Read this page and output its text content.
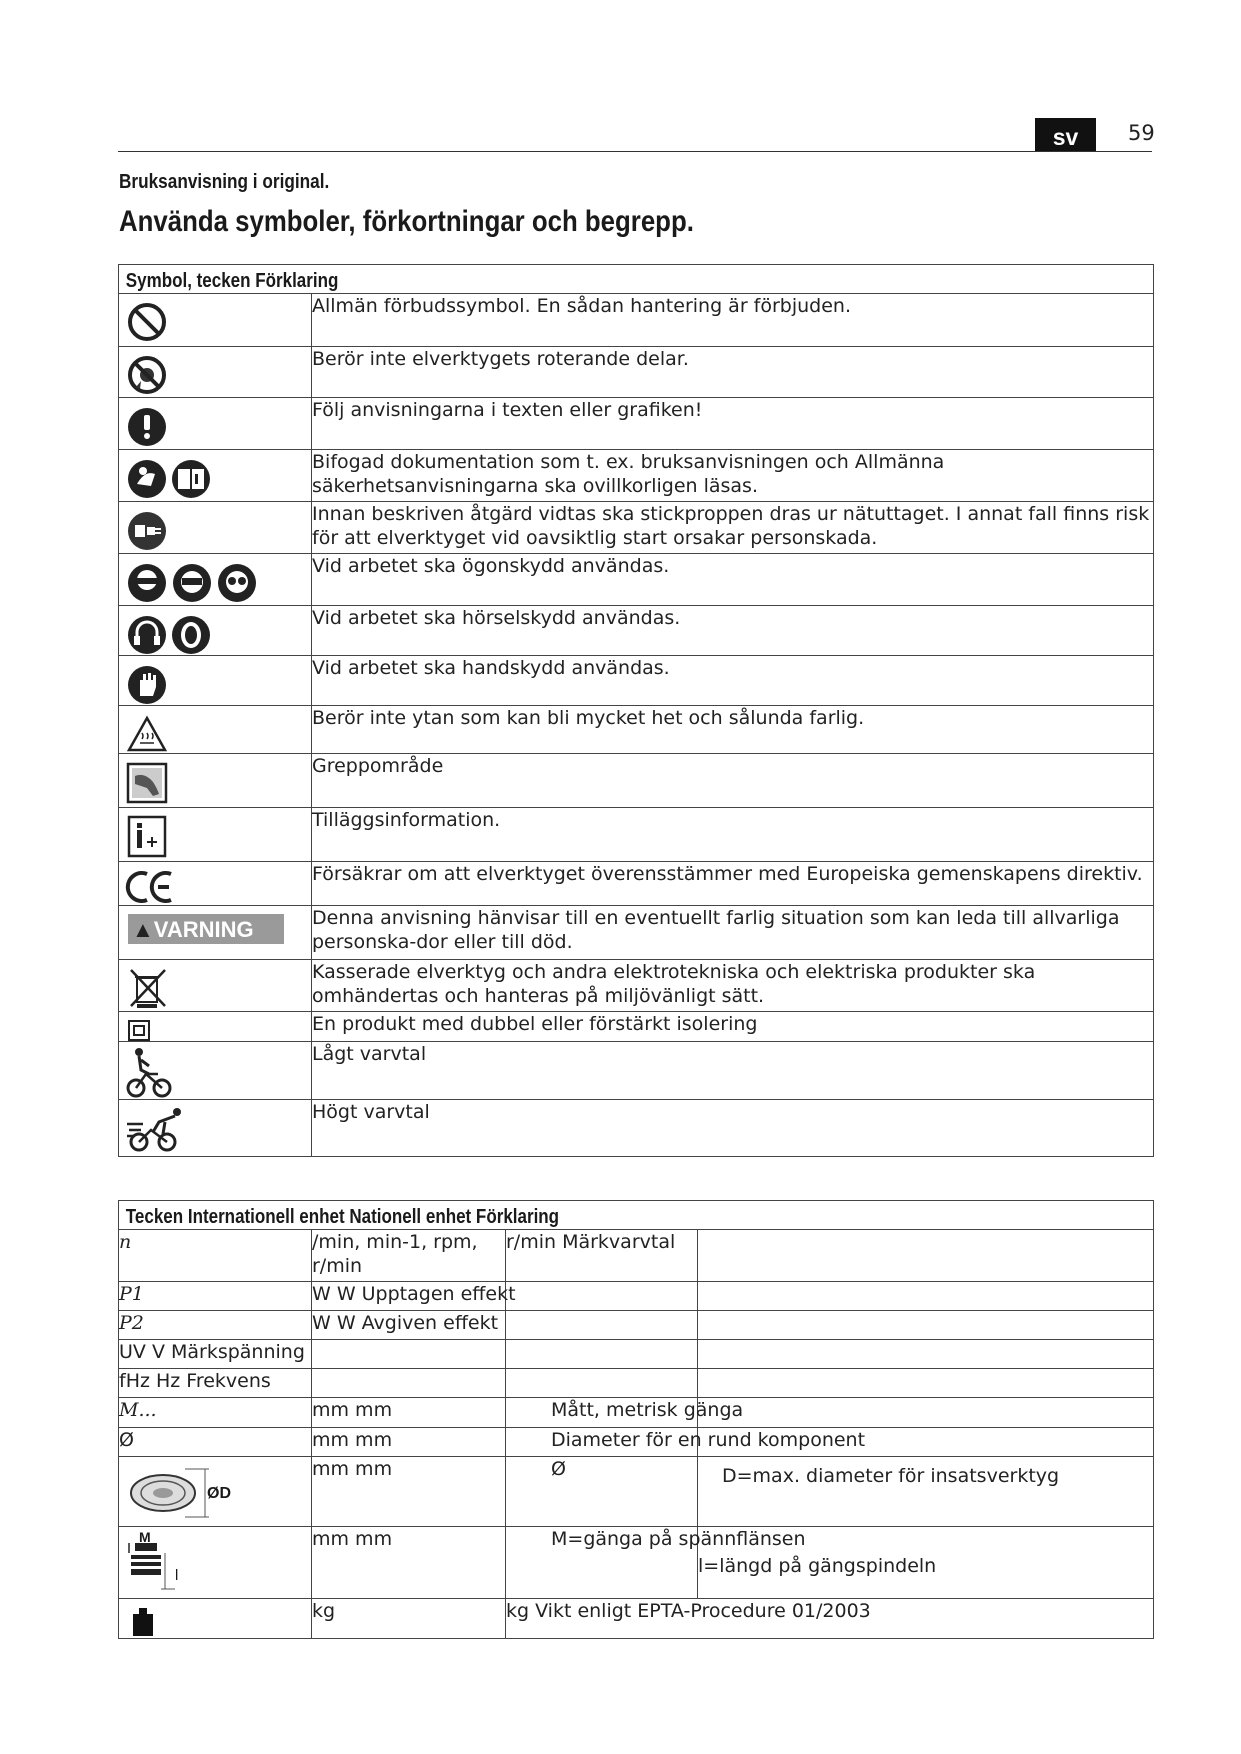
sv	59
Bruksanvisning i original.
Använda symboler, förkortningar och begrepp.
Symbol, tecken Förklaring	

	Allmän förbudssymbol. En sådan hantering är förbjuden.

	Berör inte elverktygets roterande delar.

	Följ anvisningarna i texten eller grafiken!

	Bifogad dokumentation som t. ex. bruksanvisningen och Allmänna säkerhetsanvisningarna ska ovillkorligen läsas.

	Innan beskriven åtgärd vidtas ska stickproppen dras ur nätuttaget. I annat fall finns risk för att elverktyget vid oavsiktlig start orsakar personskada.

	Vid arbetet ska ögonskydd användas.

	Vid arbetet ska hörselskydd användas.

	Vid arbetet ska handskydd användas.

	Berör inte ytan som kan bli mycket het och sålunda farlig.

	Greppområde

	Tilläggsinformation.

	Försäkrar om att elverktyget överensstämmer med Europeiska gemenskapens direktiv.

▲VARNING	Denna anvisning hänvisar till en eventuellt farlig situation som kan leda till allvarliga personska-dor eller till död.

	Kasserade elverktyg och andra elektrotekniska och elektriska produkter ska omhändertas och hanteras på miljövänligt sätt.

	En produkt med dubbel eller förstärkt isolering

	Lågt varvtal

	Högt varvtal
Tecken Internationell enhet Nationell enhet Förklaring			
n	/min, min-1, rpm, r/min	r/min Märkvarvtal	
P1	W W Upptagen effekt		
P2	W W Avgiven effekt		
UV V Märkspänning			
fHz Hz Frekvens			
M...	mm mm	Mått, metrisk gänga	
Ø	mm mm	Diameter för en rund komponent	

ØD	mm mm	Ø	D=max. diameter för insatsverktyg

M
l	mm mm	M=gänga på spännflänsen	l=längd på gängspindeln

	kg	kg Vikt enligt EPTA-Procedure 01/2003	
